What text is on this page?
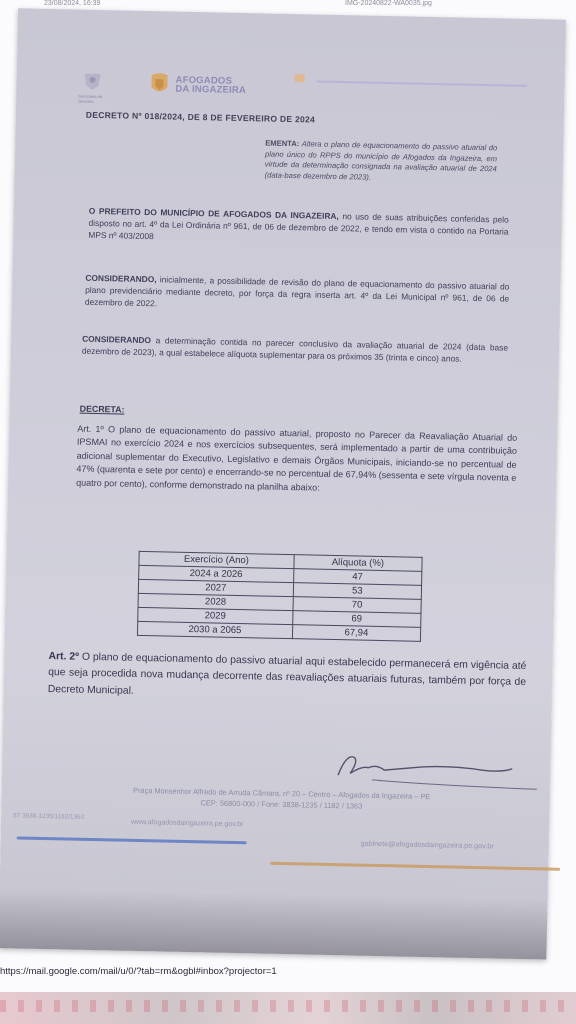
23/08/2024, 16:39	IMG-20240822-WA0035.jpg
Secretaria de Governo
AFOGADOS
DA INGAZEIRA
DECRETO Nº 018/2024, DE 8 DE FEVEREIRO DE 2024
EMENTA: Altera o plano de equacionamento do passivo atuarial do plano único do RPPS do município de Afogados da Ingazeira, em virtude da determinação consignada na avaliação atuarial de 2024 (data-base dezembro de 2023).
O PREFEITO DO MUNICÍPIO DE AFOGADOS DA INGAZEIRA, no uso de suas atribuições conferidas pelo disposto no art. 4º da Lei Ordinária nº 961, de 06 de dezembro de 2022, e tendo em vista o contido na Portaria MPS nº 403/2008
CONSIDERANDO, inicialmente, a possibilidade de revisão do plano de equacionamento do passivo atuarial do plano previdenciário mediante decreto, por força da regra inserta art. 4º da Lei Municipal nº 961, de 06 de dezembro de 2022.
CONSIDERANDO a determinação contida no parecer conclusivo da avaliação atuarial de 2024 (data base dezembro de 2023), a qual estabelece alíquota suplementar para os próximos 35 (trinta e cinco) anos.
DECRETA:
Art. 1º O plano de equacionamento do passivo atuarial, proposto no Parecer da Reavaliação Atuarial do IPSMAI no exercício 2024 e nos exercícios subsequentes, será implementado a partir de uma contribuição adicional suplementar do Executivo, Legislativo e demais Órgãos Municipais, iniciando-se no percentual de 47% (quarenta e sete por cento) e encerrando-se no percentual de 67,94% (sessenta e sete vírgula noventa e quatro por cento), conforme demonstrado na planilha abaixo:
Exercício (Ano)	Alíquota (%)
2024 a 2026	47
2027	53
2028	70
2029	69
2030 a 2065	67,94
Art. 2º O plano de equacionamento do passivo atuarial aqui estabelecido permanecerá em vigência até que seja procedida nova mudança decorrente das reavaliações atuariais futuras, também por força de Decreto Municipal.
Praça Monsenhor Alfredo de Arruda Câmara, nº 20 – Centro – Afogados da Ingazeira – PE
CEP: 56800-000 / Fone: 3838-1235 / 1182 / 1363
87 3838-1235/1182/1363
www.afogadosdaingazeira.pe.gov.br
gabinete@afogadosdaingazeira.pe.gov.br
https://mail.google.com/mail/u/0/?tab=rm&ogbl#inbox?projector=1
